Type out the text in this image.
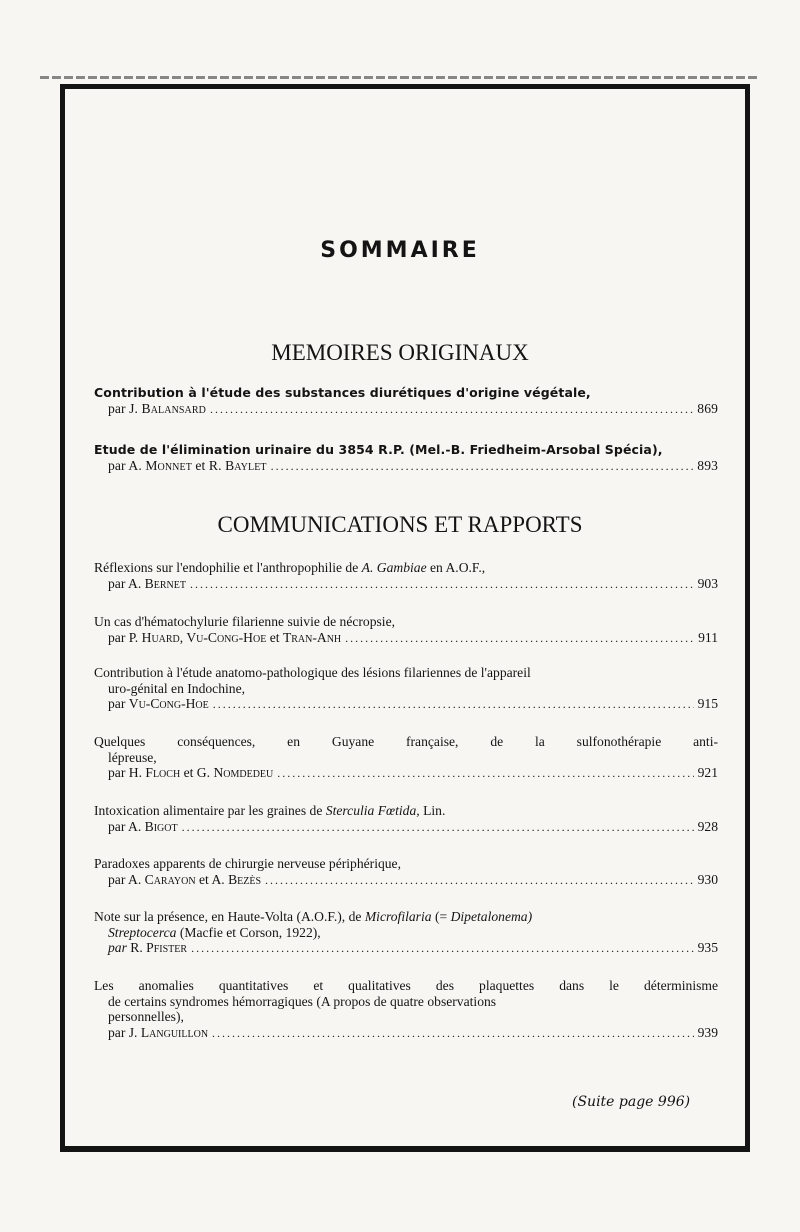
SOMMAIRE
MEMOIRES ORIGINAUX
Contribution à l'étude des substances diurétiques d'origine végétale,
par J. Balansard .....	869
Etude de l'élimination urinaire du 3854 R.P. (Mel.-B. Friedheim-Arsobal Spécia),
par A. Monnet et R. Baylet .....	893
COMMUNICATIONS ET RAPPORTS
Réflexions sur l'endophilie et l'anthropophilie de A. Gambiae en A.O.F.,
par A. Bernet .....	903
Un cas d'hématochylurie filarienne suivie de nécropsie,
par P. Huard, Vu-Cong-Hoe et Tran-Anh .....	911
Contribution à l'étude anatomo-pathologique des lésions filariennes de l'appareil
uro-génital en Indochine,
par Vu-Cong-Hoe .....	915
Quelques conséquences, en Guyane française, de la sulfonothérapie anti-
lépreuse,
par H. Floch et G. Nomdedeu .....	921
Intoxication alimentaire par les graines de Sterculia Fœtida, Lin.
par A. Bigot .....	928
Paradoxes apparents de chirurgie nerveuse périphérique,
par A. Carayon et A. Bezès .....	930
Note sur la présence, en Haute-Volta (A.O.F.), de Microfilaria (= Dipetalonema)
Streptocerca (Macfie et Corson, 1922),
par R. Pfister .....	935
Les anomalies quantitatives et qualitatives des plaquettes dans le déterminisme
de certains syndromes hémorragiques (A propos de quatre observations
personnelles),
par J. Languillon .....	939
(Suite page 996)
